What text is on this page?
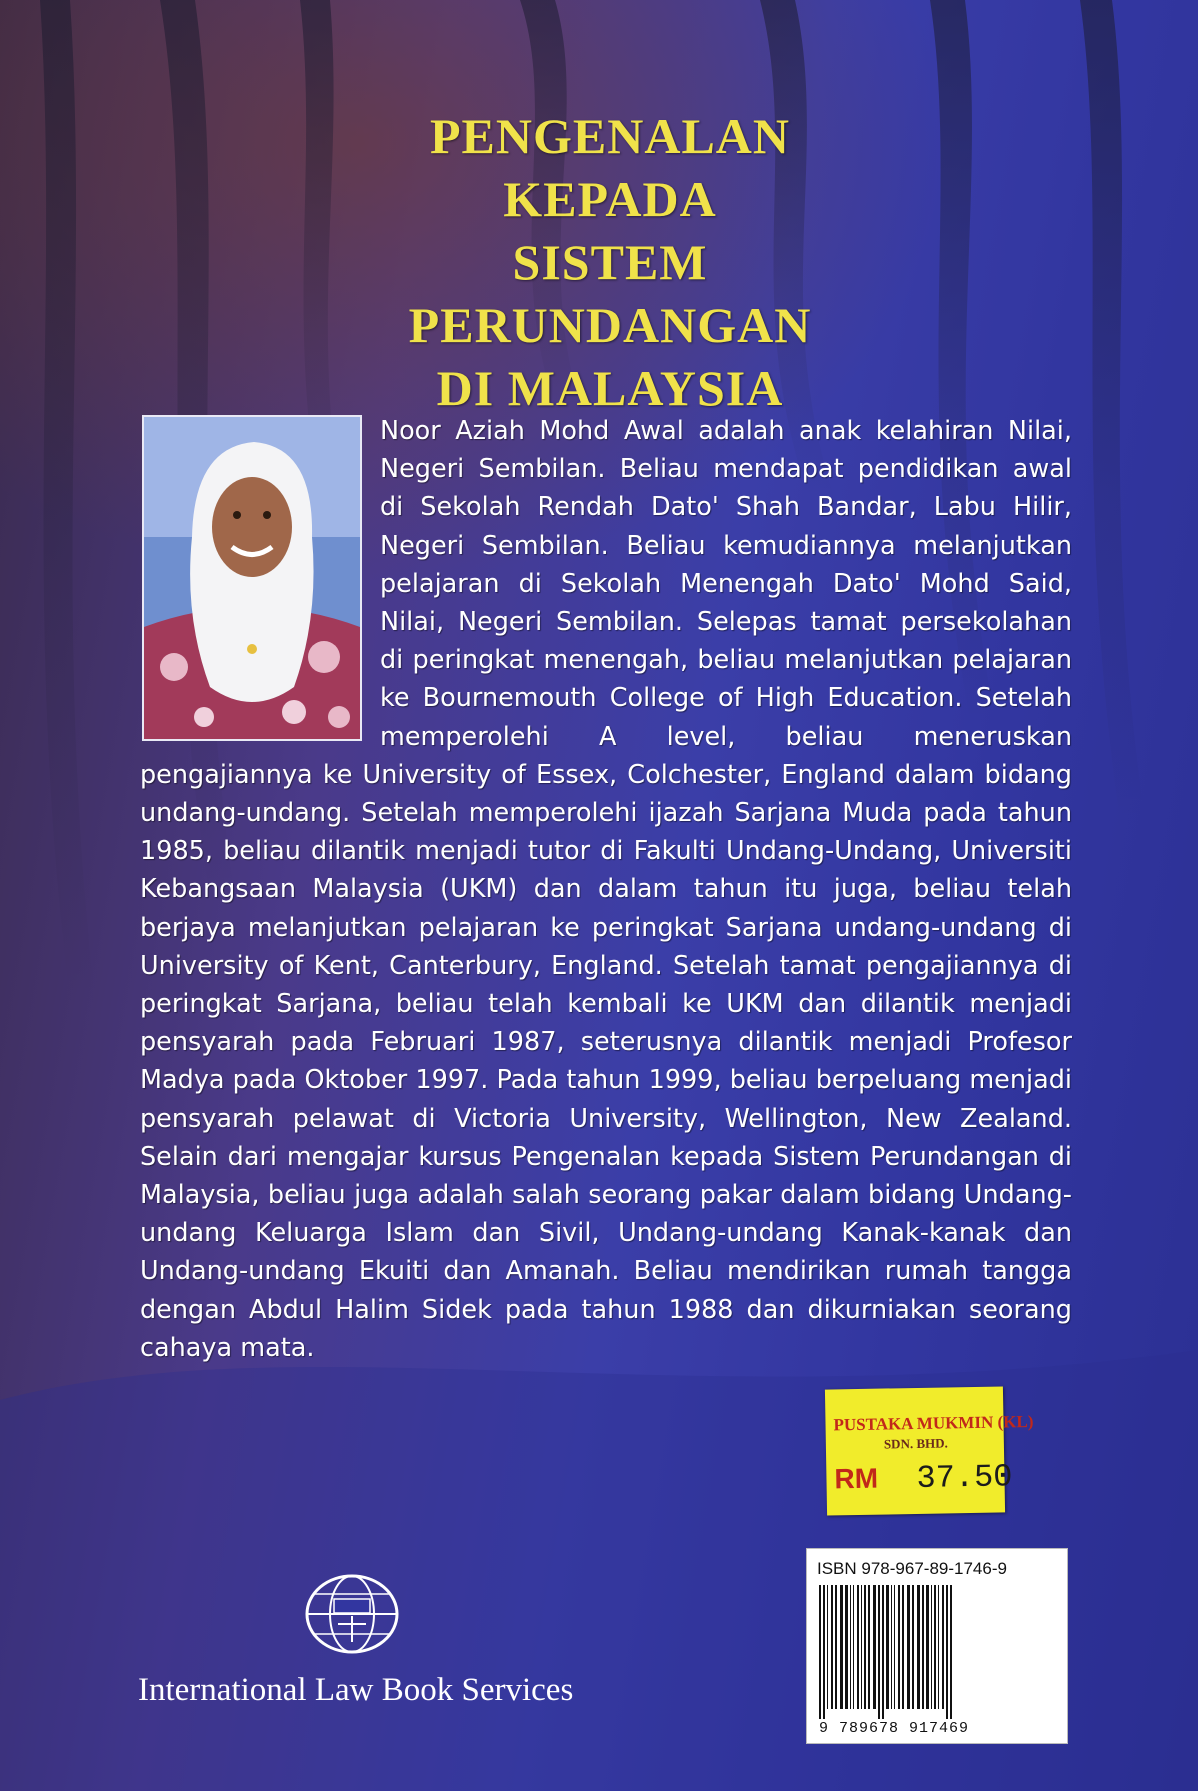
PENGENALAN
KEPADA
SISTEM
PERUNDANGAN
DI MALAYSIA
Noor Aziah Mohd Awal adalah anak kelahiran Nilai, Negeri Sembilan. Beliau mendapat pendidikan awal di Sekolah Rendah Dato' Shah Bandar, Labu Hilir, Negeri Sembilan. Beliau kemudiannya melanjutkan pelajaran di Sekolah Menengah Dato' Mohd Said, Nilai, Negeri Sembilan. Selepas tamat persekolahan di peringkat menengah, beliau melanjutkan pelajaran ke Bournemouth College of High Education. Setelah memperolehi A level, beliau meneruskan pengajiannya ke University of Essex, Colchester, England dalam bidang undang-undang. Setelah memperolehi ijazah Sarjana Muda pada tahun 1985, beliau dilantik menjadi tutor di Fakulti Undang-Undang, Universiti Kebangsaan Malaysia (UKM) dan dalam tahun itu juga, beliau telah berjaya melanjutkan pelajaran ke peringkat Sarjana undang-undang di University of Kent, Canterbury, England. Setelah tamat pengajiannya di peringkat Sarjana, beliau telah kembali ke UKM dan dilantik menjadi pensyarah pada Februari 1987, seterusnya dilantik menjadi Profesor Madya pada Oktober 1997. Pada tahun 1999, beliau berpeluang menjadi pensyarah pelawat di Victoria University, Wellington, New Zealand. Selain dari mengajar kursus Pengenalan kepada Sistem Perundangan di Malaysia, beliau juga adalah salah seorang pakar dalam bidang Undang-undang Keluarga Islam dan Sivil, Undang-undang Kanak-kanak dan Undang-undang Ekuiti dan Amanah. Beliau mendirikan rumah tangga dengan Abdul Halim Sidek pada tahun 1988 dan dikurniakan seorang cahaya mata.
PUSTAKA MUKMIN (KL)
SDN. BHD.
RM 37.50
ISBN 978-967-89-1746-9
9 789678 917469
International Law Book Services
